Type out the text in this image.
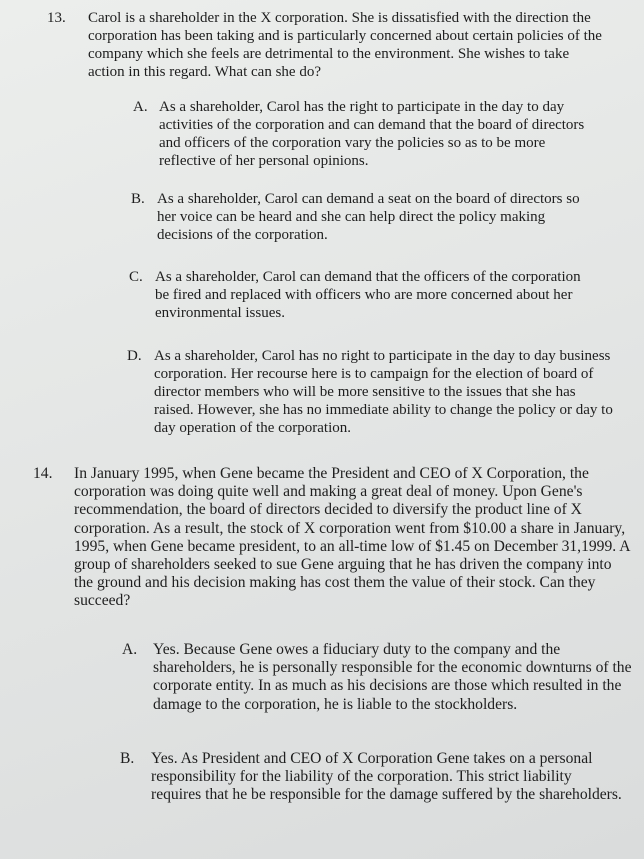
13. Carol is a shareholder in the X corporation. She is dissatisfied with the direction the corporation has been taking and is particularly concerned about certain policies of the company which she feels are detrimental to the environment. She wishes to take action in this regard. What can she do?
A. As a shareholder, Carol has the right to participate in the day to day activities of the corporation and can demand that the board of directors and officers of the corporation vary the policies so as to be more reflective of her personal opinions.
B. As a shareholder, Carol can demand a seat on the board of directors so her voice can be heard and she can help direct the policy making decisions of the corporation.
C. As a shareholder, Carol can demand that the officers of the corporation be fired and replaced with officers who are more concerned about her environmental issues.
D. As a shareholder, Carol has no right to participate in the day to day business corporation. Her recourse here is to campaign for the election of board of director members who will be more sensitive to the issues that she has raised. However, she has no immediate ability to change the policy or day to day operation of the corporation.
14. In January 1995, when Gene became the President and CEO of X Corporation, the corporation was doing quite well and making a great deal of money. Upon Gene's recommendation, the board of directors decided to diversify the product line of X corporation. As a result, the stock of X corporation went from $10.00 a share in January, 1995, when Gene became president, to an all-time low of $1.45 on December 31,1999. A group of shareholders seeked to sue Gene arguing that he has driven the company into the ground and his decision making has cost them the value of their stock. Can they succeed?
A. Yes. Because Gene owes a fiduciary duty to the company and the shareholders, he is personally responsible for the economic downturns of the corporate entity. In as much as his decisions are those which resulted in the damage to the corporation, he is liable to the stockholders.
B. Yes. As President and CEO of X Corporation Gene takes on a personal responsibility for the liability of the corporation. This strict liability requires that he be responsible for the damage suffered by the shareholders.
